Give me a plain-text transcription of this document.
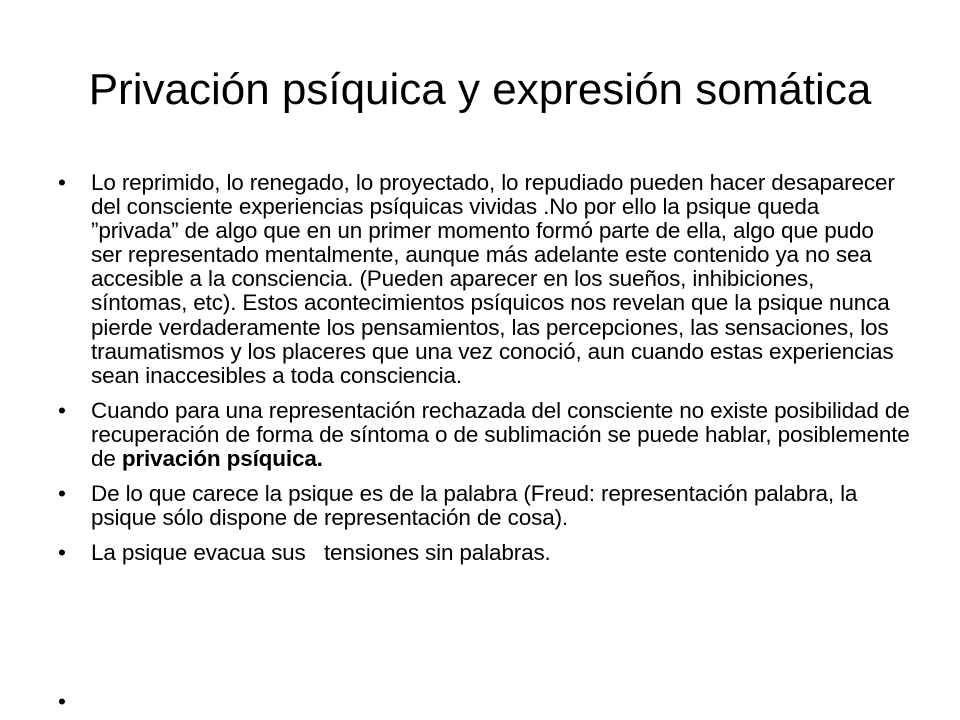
Privación psíquica y expresión somática
• Lo reprimido, lo renegado, lo proyectado, lo repudiado pueden hacer desaparecer del consciente experiencias psíquicas vividas .No por ello la psique queda ”privada” de algo que en un primer momento formó parte de ella, algo que pudo ser representado mentalmente, aunque más adelante este contenido ya no sea accesible a la consciencia. (Pueden aparecer en los sueños, inhibiciones, síntomas, etc). Estos acontecimientos psíquicos nos revelan que la psique nunca pierde verdaderamente los pensamientos, las percepciones, las sensaciones, los traumatismos y los placeres que una vez conoció, aun cuando estas experiencias sean inaccesibles a toda consciencia.
• Cuando para una representación rechazada del consciente no existe posibilidad de recuperación de forma de síntoma o de sublimación se puede hablar, posiblemente de privación psíquica.
• De lo que carece la psique es de la palabra (Freud: representación palabra, la psique sólo dispone de representación de cosa).
• La psique evacua sus   tensiones sin palabras.
•
